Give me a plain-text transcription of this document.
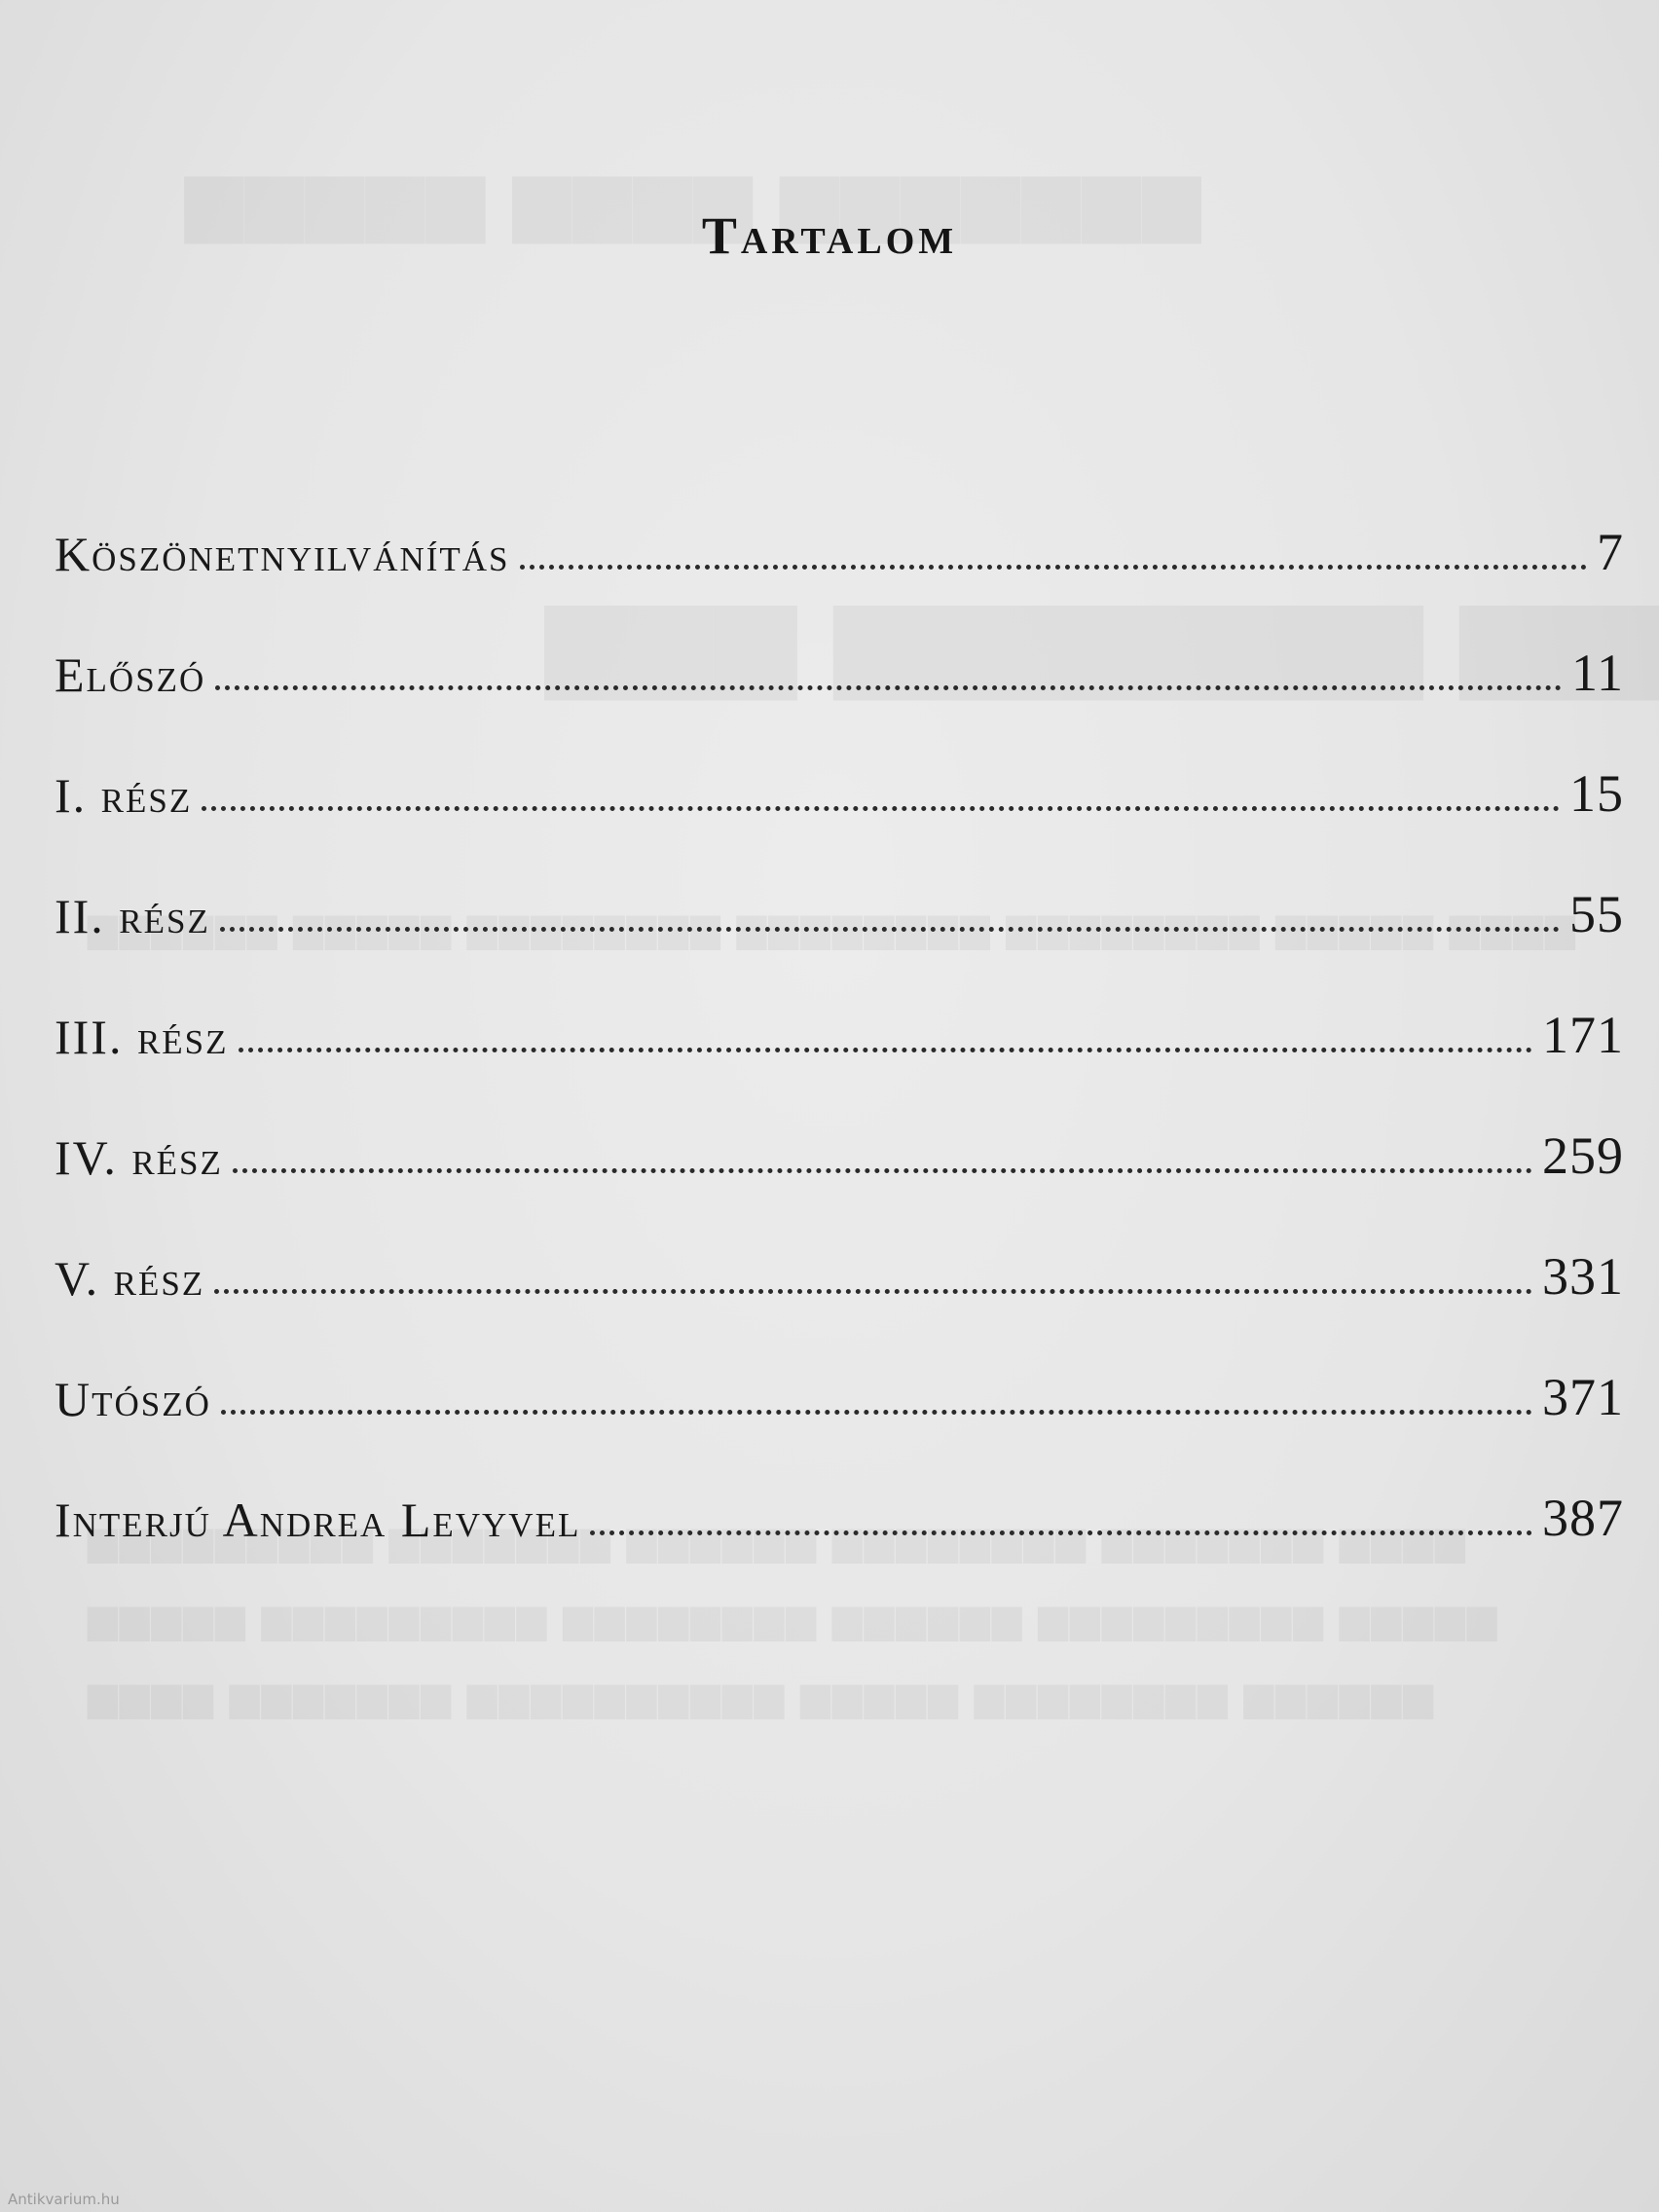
Tartalom
Köszönetnyilvánítás	7
Előszó	11
I. rész	15
II. rész	55
III. rész	171
IV. rész	259
V. rész	331
Utószó	371
Interjú Andrea Levyvel	387
Antikvarium.hu
